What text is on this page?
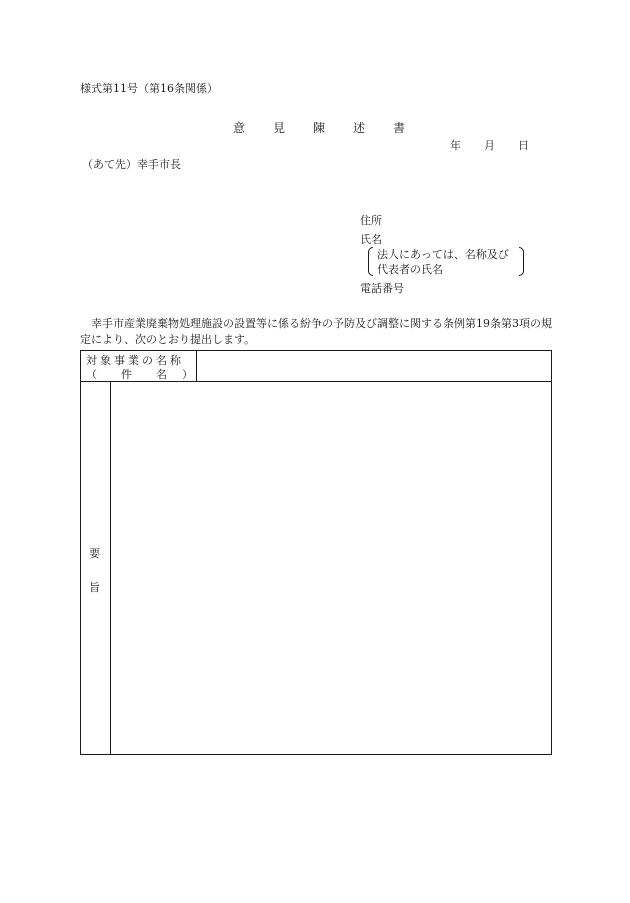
様式第11号（第16条関係）
意 見 陳 述 書
年 月 日
（あて先）幸手市長
住所
氏名
法人にあっては、名称及び
代表者の氏名
電話番号
幸手市産業廃棄物処理施設の設置等に係る紛争の予防及び調整に関する条例第19条第3項の規定により、次のとおり提出します。
対象事業の名称
（ 件 名 ）
要
旨
